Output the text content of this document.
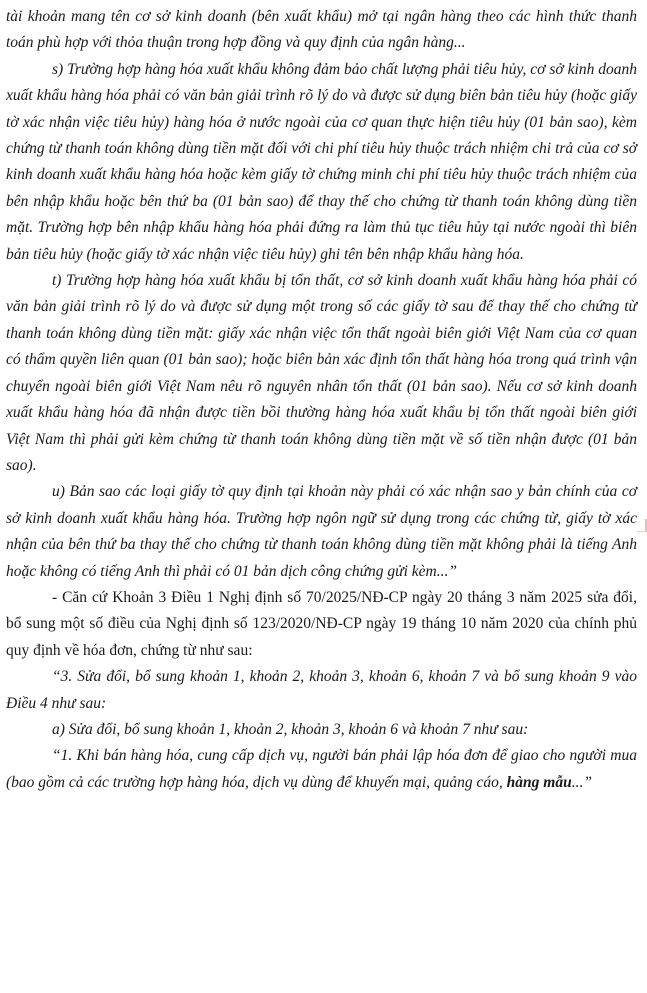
tài khoản mang tên cơ sở kinh doanh (bên xuất khẩu) mở tại ngân hàng theo các hình thức thanh toán phù hợp với thỏa thuận trong hợp đồng và quy định của ngân hàng...

s) Trường hợp hàng hóa xuất khẩu không đảm bảo chất lượng phải tiêu hủy, cơ sở kinh doanh xuất khẩu hàng hóa phải có văn bản giải trình rõ lý do và được sử dụng biên bản tiêu hủy (hoặc giấy tờ xác nhận việc tiêu hủy) hàng hóa ở nước ngoài của cơ quan thực hiện tiêu hủy (01 bản sao), kèm chứng từ thanh toán không dùng tiền mặt đối với chi phí tiêu hủy thuộc trách nhiệm chi trả của cơ sở kinh doanh xuất khẩu hàng hóa hoặc kèm giấy tờ chứng minh chi phí tiêu hủy thuộc trách nhiệm của bên nhập khẩu hoặc bên thứ ba (01 bản sao) để thay thế cho chứng từ thanh toán không dùng tiền mặt. Trường hợp bên nhập khẩu hàng hóa phải đứng ra làm thủ tục tiêu hủy tại nước ngoài thì biên bản tiêu hủy (hoặc giấy tờ xác nhận việc tiêu hủy) ghi tên bên nhập khẩu hàng hóa.

t) Trường hợp hàng hóa xuất khẩu bị tổn thất, cơ sở kinh doanh xuất khẩu hàng hóa phải có văn bản giải trình rõ lý do và được sử dụng một trong số các giấy tờ sau để thay thế cho chứng từ thanh toán không dùng tiền mặt: giấy xác nhận việc tổn thất ngoài biên giới Việt Nam của cơ quan có thẩm quyền liên quan (01 bản sao); hoặc biên bản xác định tổn thất hàng hóa trong quá trình vận chuyển ngoài biên giới Việt Nam nêu rõ nguyên nhân tổn thất (01 bản sao). Nếu cơ sở kinh doanh xuất khẩu hàng hóa đã nhận được tiền bồi thường hàng hóa xuất khẩu bị tổn thất ngoài biên giới Việt Nam thì phải gửi kèm chứng từ thanh toán không dùng tiền mặt về số tiền nhận được (01 bản sao).

u) Bản sao các loại giấy tờ quy định tại khoản này phải có xác nhận sao y bản chính của cơ sở kinh doanh xuất khẩu hàng hóa. Trường hợp ngôn ngữ sử dụng trong các chứng từ, giấy tờ xác nhận của bên thứ ba thay thế cho chứng từ thanh toán không dùng tiền mặt không phải là tiếng Anh hoặc không có tiếng Anh thì phải có 01 bản dịch công chứng gửi kèm...”

- Căn cứ Khoản 3 Điều 1 Nghị định số 70/2025/NĐ-CP ngày 20 tháng 3 năm 2025 sửa đổi, bổ sung một số điều của Nghị định số 123/2020/NĐ-CP ngày 19 tháng 10 năm 2020 của chính phủ quy định về hóa đơn, chứng từ như sau:

“3. Sửa đổi, bổ sung khoản 1, khoản 2, khoản 3, khoản 6, khoản 7 và bổ sung khoản 9 vào Điều 4 như sau:

a) Sửa đổi, bổ sung khoản 1, khoản 2, khoản 3, khoản 6 và khoản 7 như sau:

“1. Khi bán hàng hóa, cung cấp dịch vụ, người bán phải lập hóa đơn để giao cho người mua (bao gồm cả các trường hợp hàng hóa, dịch vụ dùng để khuyến mại, quảng cáo, hàng mẫu...”
